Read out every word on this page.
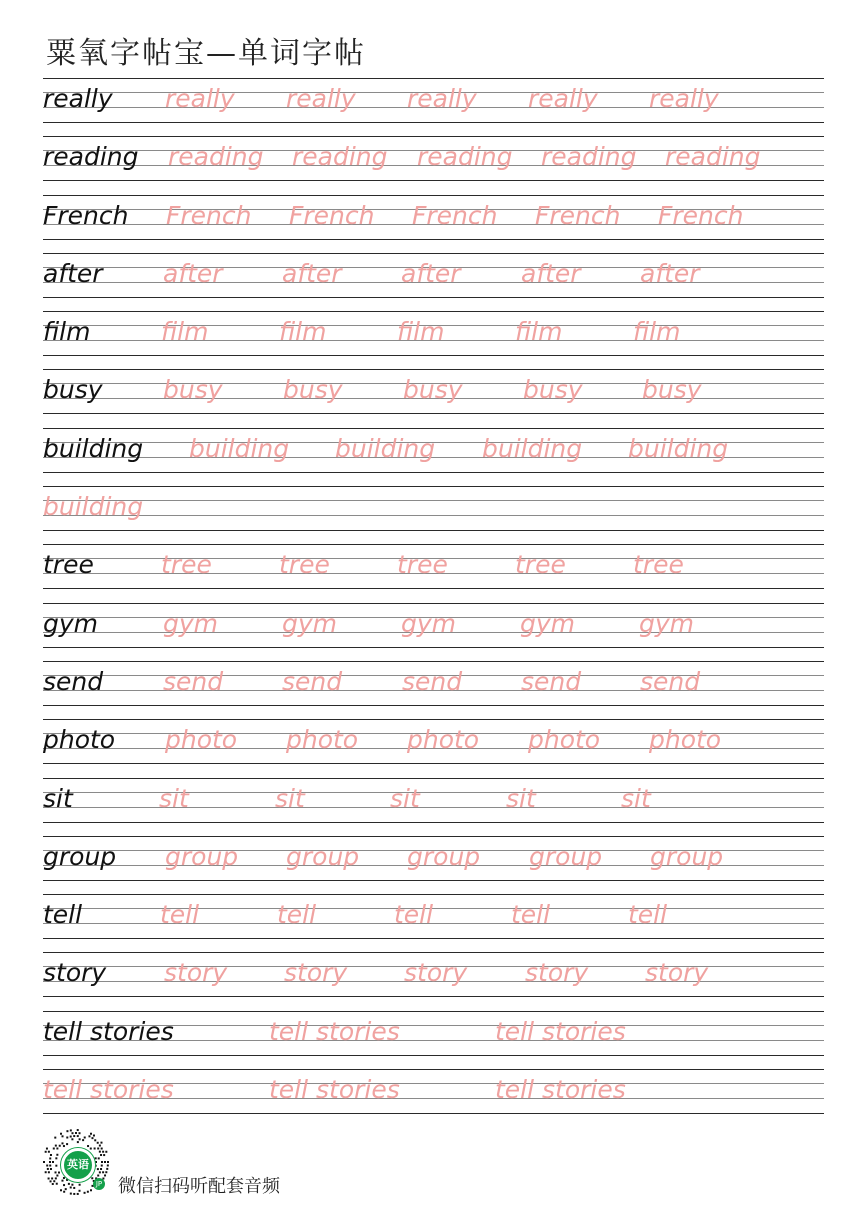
粟氧字帖宝—单词字帖
really really really really really really
reading reading reading reading reading reading
French French French French French French
after after after after after after
film	film	film	film	film	film
busy busy busy busy busy busy
building building building building building
building
tree	tree	tree	tree	tree	tree
gym	gym	gym	gym	gym	gym
send send send send send send
photo photo photo photo photo photo
sit	sit	sit	sit	sit	sit
group group group group group group
tell	tell	tell	tell	tell	tell
story story story story story story
tell stories	tell stories	tell stories
tell stories	tell stories	tell stories
英语
JP 微信扫码听配套音频
